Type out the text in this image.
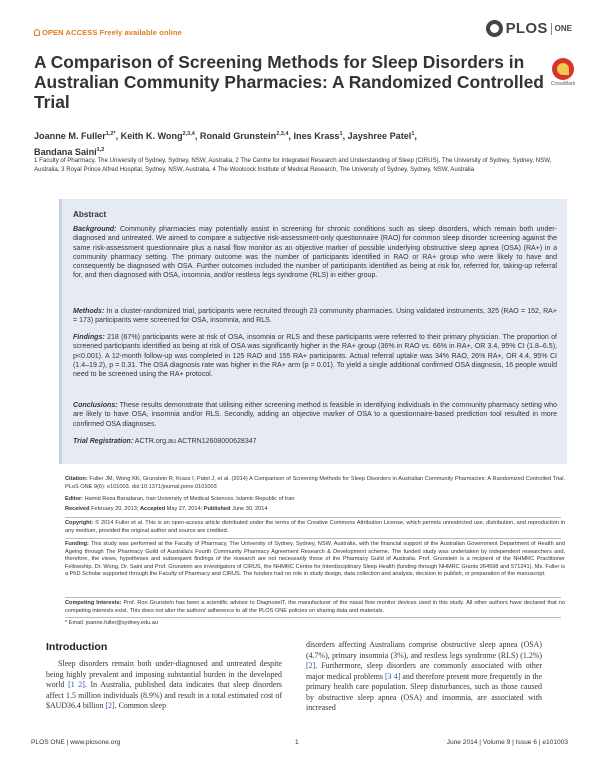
OPEN ACCESS Freely available online	PLOS ONE
CrossMark
A Comparison of Screening Methods for Sleep Disorders in Australian Community Pharmacies: A Randomized Controlled Trial
Joanne M. Fuller$^{1,2*}$, Keith K. Wong$^{2,3,4}$, Ronald Grunstein$^{2,3,4}$, Ines Krass$^1$, Jayshree Patel$^1$,
Bandana Saini$^{1,2}$
1 Faculty of Pharmacy, The University of Sydney, Sydney, NSW, Australia, 2 The Centre for Integrated Research and Understanding of Sleep (CIRUS), The University of Sydney, Sydney, NSW, Australia, 3 Royal Prince Alfred Hospital, Sydney, NSW, Australia, 4 The Woolcock Institute of Medical Research, The University of Sydney, Sydney, NSW, Australia
Abstract
Background: Community pharmacies may potentially assist in screening for chronic conditions such as sleep disorders, which remain both under-diagnosed and untreated. We aimed to compare a subjective risk-assessment-only questionnaire (RAO) for common sleep disorder screening against the same risk-assessment questionnaire plus a nasal flow monitor as an objective marker of possible underlying obstructive sleep apnea (OSA) (RA+) in a community pharmacy setting. The primary outcome was the number of participants identified in RAO or RA+ group who were likely to have and consequently be diagnosed with OSA. Further outcomes included the number of participants identified as being at risk for, referred for, taking-up referral for, and then diagnosed with OSA, insomnia, and/or restless legs syndrome (RLS) in either group.
Methods: In a cluster-randomized trial, participants were recruited through 23 community pharmacies. Using validated instruments, 325 (RAO = 152, RA+ = 173) participants were screened for OSA, insomnia, and RLS.
Findings: 218 (67%) participants were at risk of OSA, insomnia or RLS and these participants were referred to their primary physician. The proportion of screened participants identified as being at risk of OSA was significantly higher in the RA+ group (36% in RAO vs. 66% in RA+, OR 3.4, 95% CI (1.8–6.5), p<0.001). A 12-month follow-up was completed in 125 RAO and 155 RA+ participants. Actual referral uptake was 34% RAO, 26% RA+, OR 4.4, 95% CI (1.4–19.2), p = 0.31. The OSA diagnosis rate was higher in the RA+ arm (p = 0.01). To yield a single additional confirmed OSA diagnosis, 16 people would need to be screened using the RA+ protocol.
Conclusions: These results demonstrate that utilising either screening method is feasible in identifying individuals in the community pharmacy setting who are likely to have OSA, insomnia and/or RLS. Secondly, adding an objective marker of OSA to a questionnaire-based prediction tool resulted in more confirmed OSA diagnoses.
Trial Registration: ACTR.org.au ACTRN12608000628347
Citation: Fuller JM, Wong KK, Grunstein R, Krass I, Patel J, et al. (2014) A Comparison of Screening Methods for Sleep Disorders in Australian Community Pharmacies: A Randomized Controlled Trial. PLoS ONE 9(6): e101003. doi:10.1371/journal.pone.0101003
Editor: Hamid Reza Baradaran, Iran University of Medical Sciences, Islamic Republic of Iran
Received February 20, 2013; Accepted May 27, 2014; Published June 30, 2014
Copyright: © 2014 Fuller et al. This is an open-access article distributed under the terms of the Creative Commons Attribution License, which permits unrestricted use, distribution, and reproduction in any medium, provided the original author and source are credited.
Funding: This study was performed at the Faculty of Pharmacy, The University of Sydney, Sydney, NSW, Australia, with the financial support of the Australian Government Department of Health and Ageing through The Pharmacy Guild of Australia's Fourth Community Pharmacy Agreement Research & Development scheme. The funded study was undertaken by independent researchers and, therefore, the views, hypotheses and subsequent findings of the research are not necessarily those of the Pharmacy Guild of Australia. Prof. Grunstein is a recipient of the NHMRC Practitioner Fellowship. Dr. Wong, Dr. Saini and Prof. Grunstein are investigators of CIRUS, the NHMRC Centre for Interdisciplinary Sleep Health (funding through NHMRC Grants 264598 and 571241). Ms. Fuller is a PhD Scholar supported through the Faculty of Pharmacy and CIRUS. The funders had no role in study design, data collection and analysis, decision to publish, or preparation of the manuscript.
Competing Interests: Prof. Ron Grunstein has been a scientific advisor to DiagnoseIT, the manufacturer of the nasal flow monitor devices used in this study. All other authors have declared that no competing interests exist. This does not alter the authors' adherence to all the PLOS ONE policies on sharing data and materials.
* Email: joanne.fuller@sydney.edu.au
Introduction
Sleep disorders remain both under-diagnosed and untreated despite being highly prevalent and imposing substantial burden in the developed world [1 2]. In Australia, published data indicates that sleep disorders affect 1.5 million individuals (8.9%) and result in a total estimated cost of $AUD36.4 billion [2]. Common sleep
disorders affecting Australians comprise obstructive sleep apnea (OSA) (4.7%), primary insomnia (3%), and restless legs syndrome (RLS) (1.2%) [2]. Furthermore, sleep disorders are commonly associated with other major medical problems [3 4] and therefore present more frequently in the primary health care population. Sleep disturbances, such as those caused by obstructive sleep apnea (OSA) and insomnia, are associated with increased
PLOS ONE | www.plosone.org	1	June 2014 | Volume 9 | Issue 6 | e101003
